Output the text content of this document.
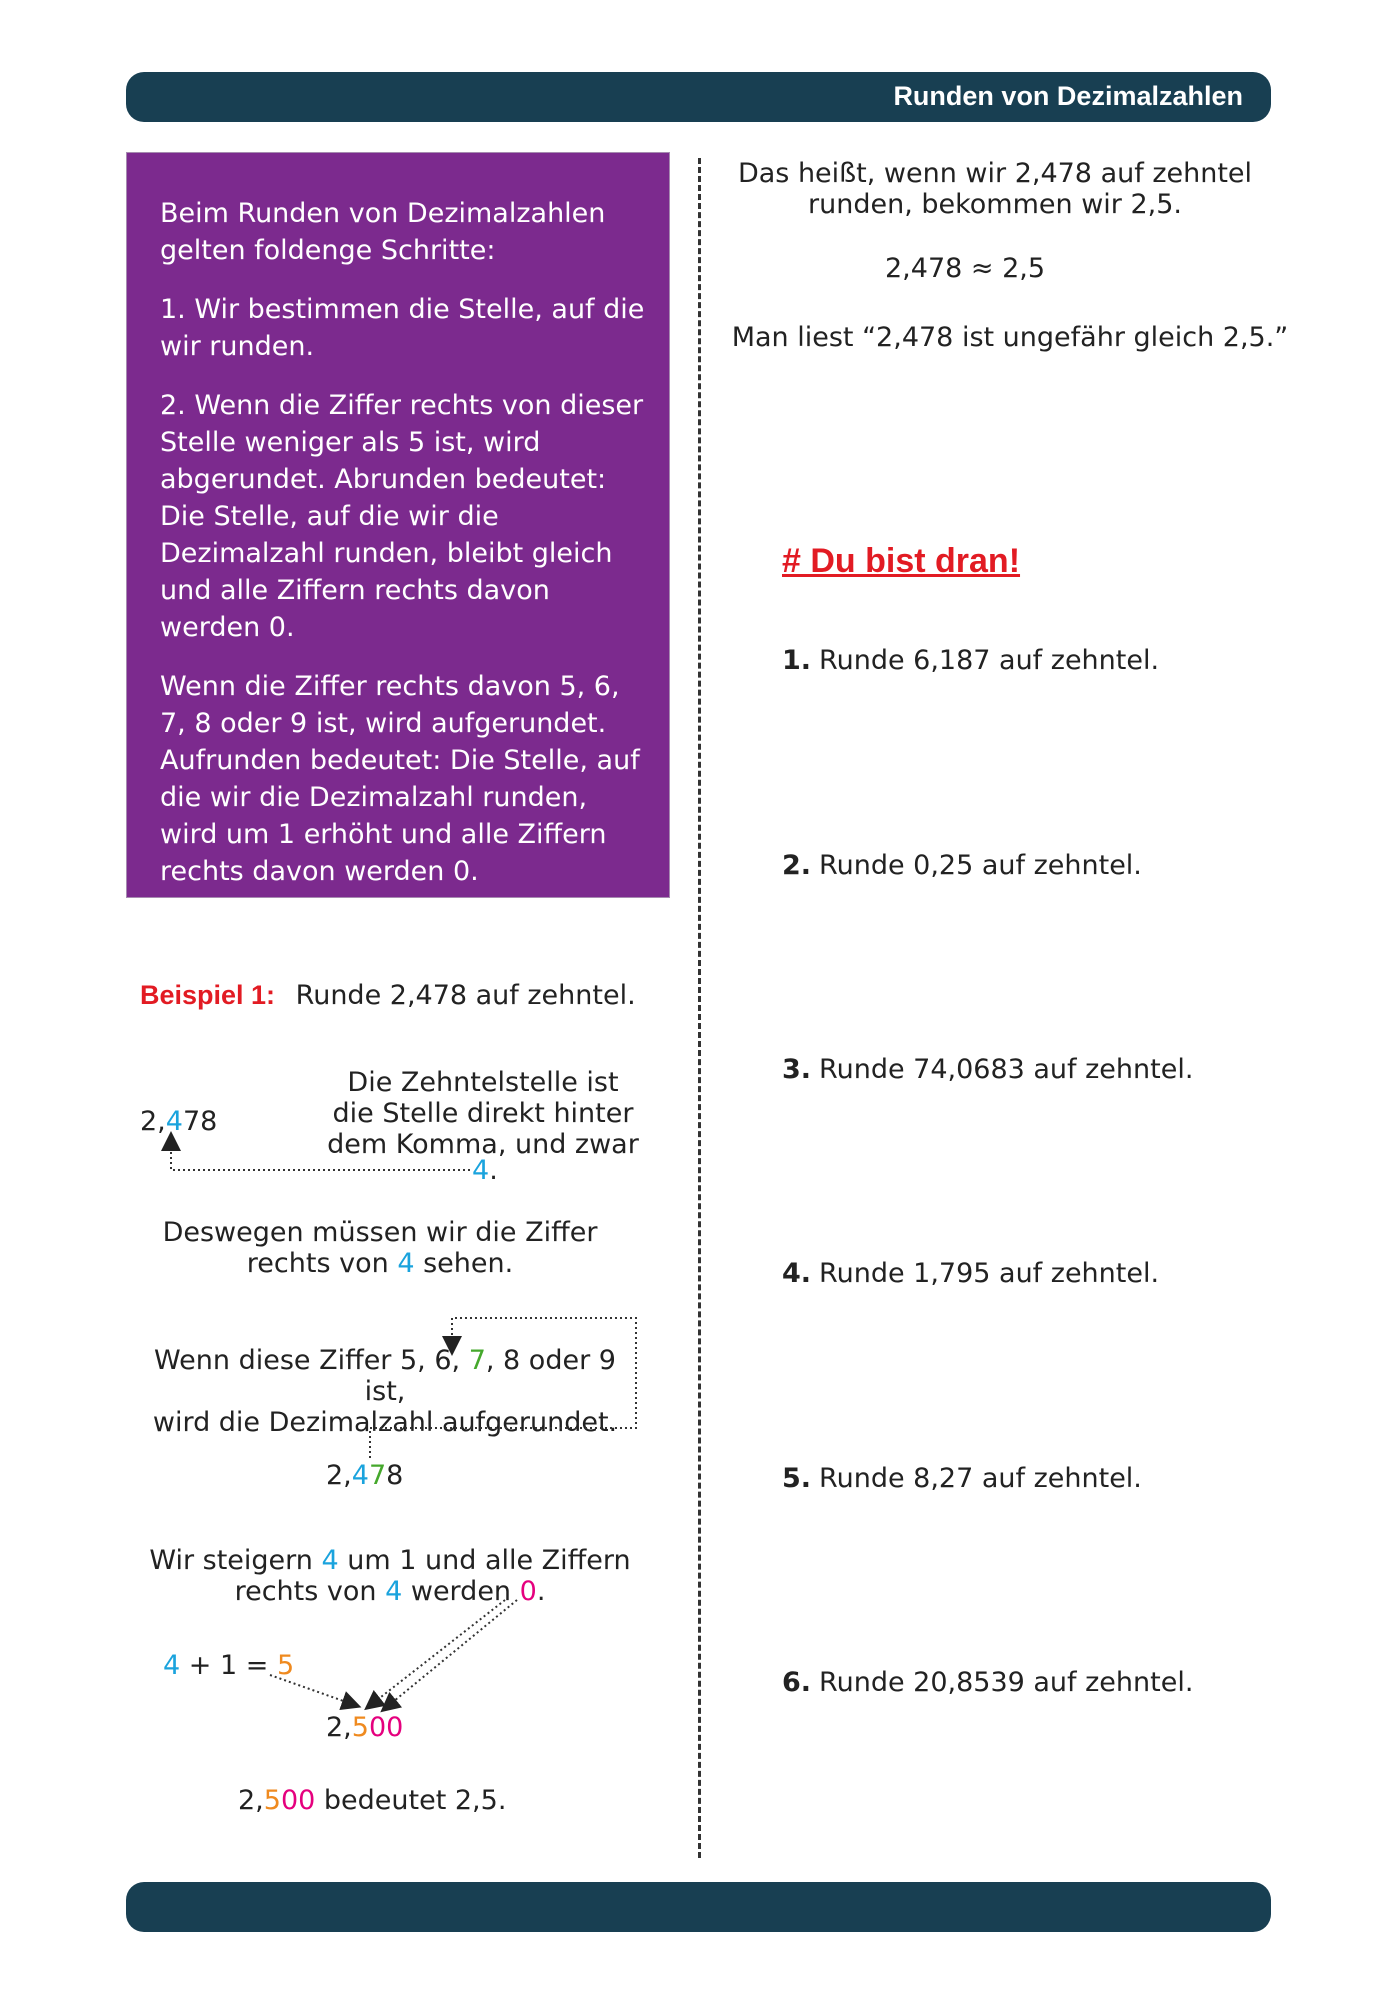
Runden von Dezimalzahlen

Beim Runden von Dezimalzahlen gelten foldenge Schritte:

1. Wir bestimmen die Stelle, auf die wir runden.

2. Wenn die Ziffer rechts von dieser Stelle weniger als 5 ist, wird abgerundet. Abrunden bedeutet: Die Stelle, auf die wir die Dezimalzahl runden, bleibt gleich und alle Ziffern rechts davon werden 0.

Wenn die Ziffer rechts davon 5, 6, 7, 8 oder 9 ist, wird aufgerundet. Aufrunden bedeutet: Die Stelle, auf die wir die Dezimalzahl runden, wird um 1 erhöht und alle Ziffern rechts davon werden 0.

Beispiel 1: Runde 2,478 auf zehntel.
2,478
Die Zehntelstelle ist
die Stelle direkt hinter
dem Komma, und zwar
4.
Deswegen müssen wir die Ziffer
rechts von 4 sehen.
Wenn diese Ziffer 5, 6, 7, 8 oder 9 ist,
wird die Dezimalzahl aufgerundet.
2,478
Wir steigern 4 um 1 und alle Ziffern
rechts von 4 werden 0.
4 + 1 = 5
2,500
2,500 bedeutet 2,5.
Das heißt, wenn wir 2,478 auf zehntel
runden, bekommen wir 2,5.
2,478 ≈ 2,5
Man liest “2,478 ist ungefähr gleich 2,5.”
# Du bist dran!
1. Runde 6,187 auf zehntel.
2. Runde 0,25 auf zehntel.
3. Runde 74,0683 auf zehntel.
4. Runde 1,795 auf zehntel.
5. Runde 8,27 auf zehntel.
6. Runde 20,8539 auf zehntel.
